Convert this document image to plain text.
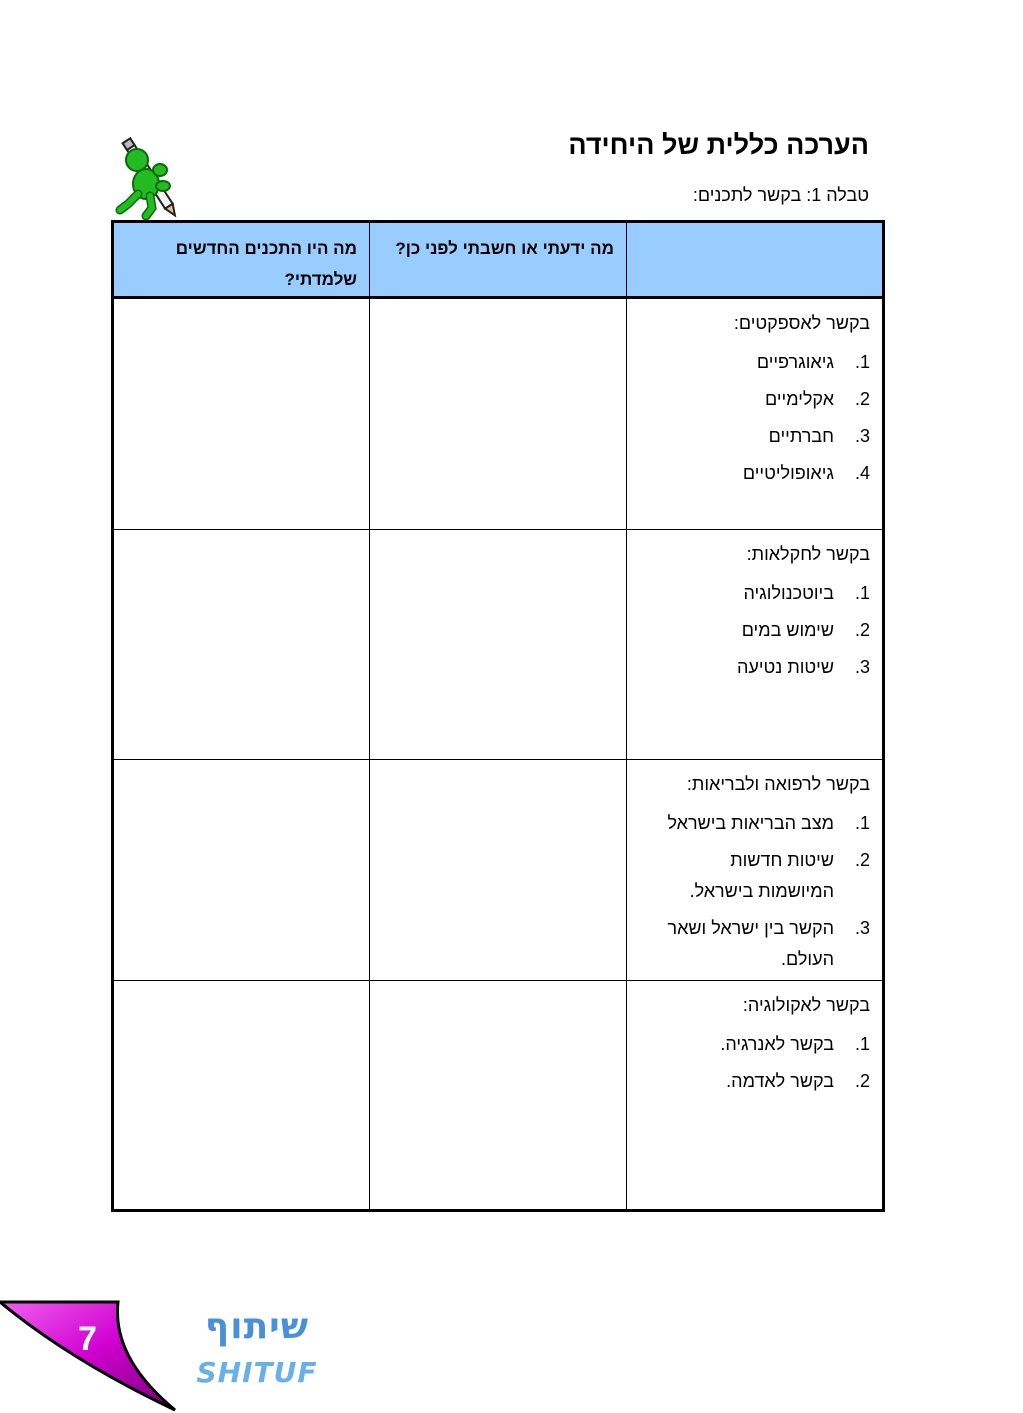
הערכה כללית של היחידה
טבלה 1: בקשר לתכנים:
מה היו התכנים החדשים שלמדתי?
מה ידעתי או חשבתי לפני כן?
בקשר לאספקטים:
1.
גיאוגרפיים
2.
אקלימיים
3.
חברתיים
4.
גיאופוליטיים
בקשר לחקלאות:
1.
ביוטכנולוגיה
2.
שימוש במים
3.
שיטות נטיעה
בקשר לרפואה ולבריאות:
1.
מצב הבריאות בישראל
2.
שיטות חדשות המיושמות בישראל.
3.
הקשר בין ישראל ושאר העולם.
בקשר לאקולוגיה:
1.
בקשר לאנרגיה.
2.
בקשר לאדמה.
7	שיתוף
SHITUF
